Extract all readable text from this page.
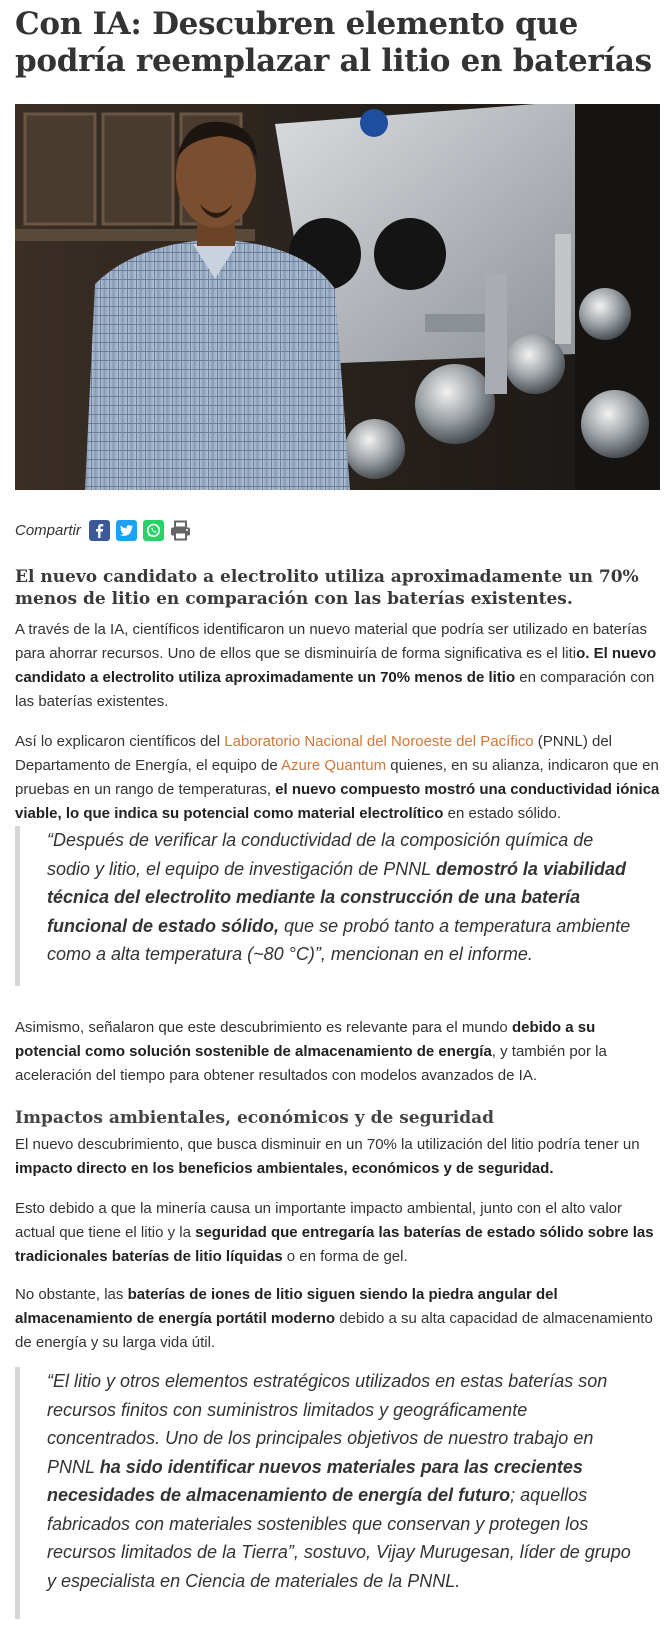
Con IA: Descubren elemento que podría reemplazar al litio en baterías
Compartir
El nuevo candidato a electrolito utiliza aproximadamente un 70% menos de litio en comparación con las baterías existentes.

A través de la IA, científicos identificaron un nuevo material que podría ser utilizado en baterías para ahorrar recursos. Uno de ellos que se disminuiría de forma significativa es el litio. El nuevo candidato a electrolito utiliza aproximadamente un 70% menos de litio en comparación con las baterías existentes.

Así lo explicaron científicos del Laboratorio Nacional del Noroeste del Pacífico (PNNL) del Departamento de Energía, el equipo de Azure Quantum quienes, en su alianza, indicaron que en pruebas en un rango de temperaturas, el nuevo compuesto mostró una conductividad iónica viable, lo que indica su potencial como material electrolítico en estado sólido.

“Después de verificar la conductividad de la composición química de sodio y litio, el equipo de investigación de PNNL demostró la viabilidad técnica del electrolito mediante la construcción de una batería funcional de estado sólido, que se probó tanto a temperatura ambiente como a alta temperatura (~80 °C)”, mencionan en el informe.

Asimismo, señalaron que este descubrimiento es relevante para el mundo debido a su potencial como solución sostenible de almacenamiento de energía, y también por la aceleración del tiempo para obtener resultados con modelos avanzados de IA.

Impactos ambientales, económicos y de seguridad

El nuevo descubrimiento, que busca disminuir en un 70% la utilización del litio podría tener un impacto directo en los beneficios ambientales, económicos y de seguridad.

Esto debido a que la minería causa un importante impacto ambiental, junto con el alto valor actual que tiene el litio y la seguridad que entregaría las baterías de estado sólido sobre las tradicionales baterías de litio líquidas o en forma de gel.

No obstante, las baterías de iones de litio siguen siendo la piedra angular del almacenamiento de energía portátil moderno debido a su alta capacidad de almacenamiento de energía y su larga vida útil.

“El litio y otros elementos estratégicos utilizados en estas baterías son recursos finitos con suministros limitados y geográficamente concentrados. Uno de los principales objetivos de nuestro trabajo en PNNL ha sido identificar nuevos materiales para las crecientes necesidades de almacenamiento de energía del futuro; aquellos fabricados con materiales sostenibles que conservan y protegen los recursos limitados de la Tierra”, sostuvo, Vijay Murugesan, líder de grupo y especialista en Ciencia de materiales de la PNNL.
